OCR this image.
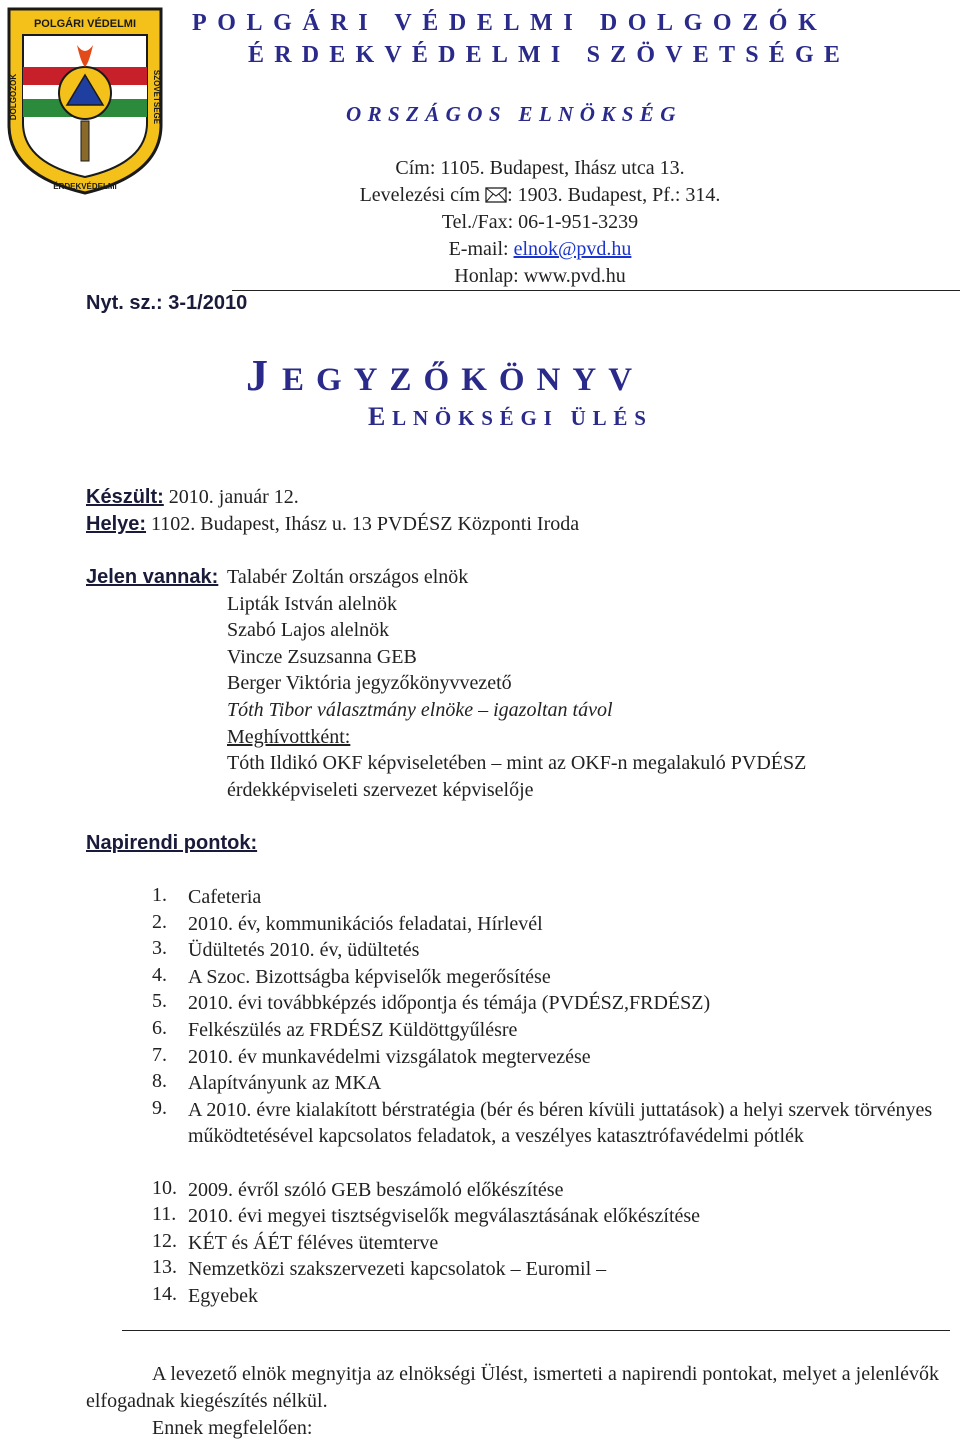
POLGÁRI VÉDELMI
ÉRDEKVÉDELMI
DOLGOZÓK	SZÖVETSÉGE
POLGÁRI VÉDELMI DOLGOZÓK
ÉRDEKVÉDELMI SZÖVETSÉGE
ORSZÁGOS ELNÖKSÉG
Cím: 1105. Budapest, Ihász utca 13.
Levelezési cím : 1903. Budapest, Pf.: 314.
Tel./Fax: 06-1-951-3239
E-mail: elnok@pvd.hu
Honlap: www.pvd.hu
Nyt. sz.: 3-1/2010
JEGYZŐKÖNYV
ELNÖKSÉGI ÜLÉS
Készült: 2010. január 12.
Helye: 1102. Budapest, Ihász u. 13 PVDÉSZ Központi Iroda
Jelen vannak: Talabér Zoltán országos elnök
Lipták István alelnök
Szabó Lajos alelnök
Vincze Zsuzsanna GEB
Berger Viktória jegyzőkönyvvezető
Tóth Tibor választmány elnöke – igazoltan távol
Meghívottként:
Tóth Ildikó OKF képviseletében – mint az OKF-n megalakuló PVDÉSZ
érdekképviseleti szervezet képviselője
Napirendi pontok:
1.	Cafeteria
2.	2010. év, kommunikációs feladatai, Hírlevél
3.	Üdültetés 2010. év, üdültetés
4.	A Szoc. Bizottságba képviselők megerősítése
5.	2010. évi továbbképzés időpontja és témája (PVDÉSZ,FRDÉSZ)
6.	Felkészülés az FRDÉSZ Küldöttgyűlésre
7.	2010. év munkavédelmi vizsgálatok megtervezése
8.	Alapítványunk az MKA
9.	A 2010. évre kialakított bérstratégia (bér és béren kívüli juttatások) a helyi szervek törvényes működtetésével kapcsolatos feladatok, a veszélyes katasztrófavédelmi pótlék
10. 2009. évről szóló GEB beszámoló előkészítése
11. 2010. évi megyei tisztségviselők megválasztásának előkészítése
12. KÉT és ÁÉT féléves ütemterve
13. Nemzetközi szakszervezeti kapcsolatok – Euromil –
14. Egyebek
A levezető elnök megnyitja az elnökségi Ülést, ismerteti a napirendi pontokat, melyet a jelenlévők elfogadnak kiegészítés nélkül.
Ennek megfelelően:
